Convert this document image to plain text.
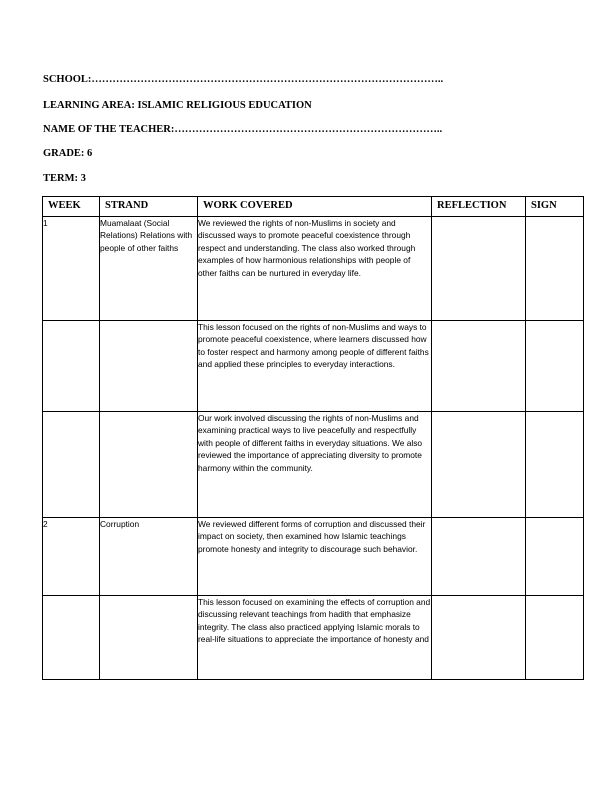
SCHOOL:………………………………………………………………………………………..
LEARNING AREA: ISLAMIC RELIGIOUS EDUCATION
NAME OF THE TEACHER:…………………………………………………………………..
GRADE: 6
TERM: 3
WEEK	STRAND	WORK COVERED	REFLECTION	SIGN
1	Muamalaat (Social Relations) Relations with people of other faiths	We reviewed the rights of non-Muslims in society and discussed ways to promote peaceful coexistence through respect and understanding. The class also worked through examples of how harmonious relationships with people of other faiths can be nurtured in everyday life.		
		This lesson focused on the rights of non-Muslims and ways to promote peaceful coexistence, where learners discussed how to foster respect and harmony among people of different faiths and applied these principles to everyday interactions.		
		Our work involved discussing the rights of non-Muslims and examining practical ways to live peacefully and respectfully with people of different faiths in everyday situations. We also reviewed the importance of appreciating diversity to promote harmony within the community.		
2	Corruption	We reviewed different forms of corruption and discussed their impact on society, then examined how Islamic teachings promote honesty and integrity to discourage such behavior.		

		This lesson focused on examining the effects of corruption and discussing relevant teachings from hadith that emphasize integrity. The class also practiced applying Islamic morals to real-life situations to appreciate the importance of honesty and		
